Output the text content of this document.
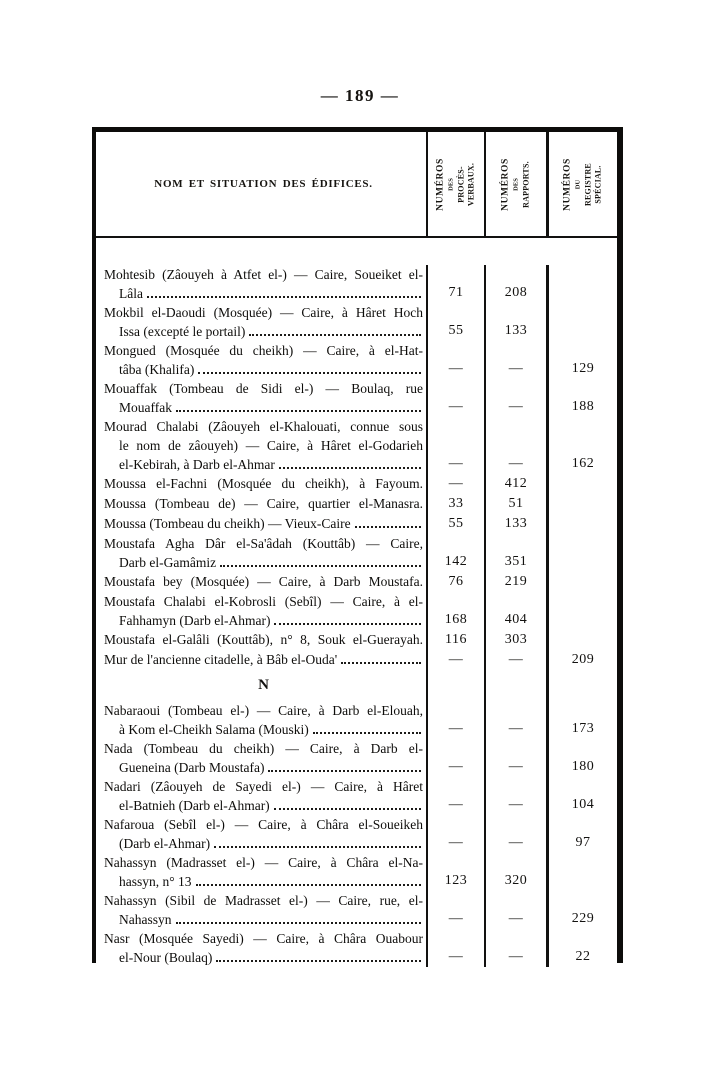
— 189 —
NOM ET SITUATION DES ÉDIFICES.	NUMÉROS DES PROCÈS-VERBAUX.	NUMÉROS DES RAPPORTS.	NUMÉROS DU REGISTRE SPÉCIAL.
Mohtesib (Zâouyeh à Atfet el-) — Caire, Soueiket el-
Lâla	71	208
Mokbil el-Daoudi (Mosquée) — Caire, à Hâret Hoch
Issa (excepté le portail)	55	133
Mongued (Mosquée du cheikh) — Caire, à el-Hat-
tâba (Khalifa)	—	—	129
Mouaffak (Tombeau de Sidi el-) — Boulaq, rue
Mouaffak	—	—	188
Mourad Chalabi (Zâouyeh el-Khalouati, connue sous
le nom de zâouyeh) — Caire, à Hâret el-Godarieh
el-Kebirah, à Darb el-Ahmar	—	—	162
Moussa el-Fachni (Mosquée du cheikh), à Fayoum. —	412
Moussa (Tombeau de) — Caire, quartier el-Manasra. 33	51
Moussa (Tombeau du cheikh) — Vieux-Caire	55	133
Moustafa Agha Dâr el-Sa'âdah (Kouttâb) — Caire,
Darb el-Gamâmiz	142	351
Moustafa bey (Mosquée) — Caire, à Darb Moustafa. 76	219
Moustafa Chalabi el-Kobrosli (Sebîl) — Caire, à el-
Fahhamyn (Darb el-Ahmar)	168	404
Moustafa el-Galâli (Kouttâb), n° 8, Souk el-Guerayah. 116	303
Mur de l'ancienne citadelle, à Bâb el-Ouda'	—	—	209
N
Nabaraoui (Tombeau el-) — Caire, à Darb el-Elouah,
à Kom el-Cheikh Salama (Mouski)	—	—	173
Nada (Tombeau du cheikh) — Caire, à Darb el-
Gueneina (Darb Moustafa)	—	—	180
Nadari (Zâouyeh de Sayedi el-) — Caire, à Hâret
el-Batnieh (Darb el-Ahmar)	—	—	104
Nafaroua (Sebîl el-) — Caire, à Châra el-Soueikeh
(Darb el-Ahmar)	—	—	97
Nahassyn (Madrasset el-) — Caire, à Châra el-Na-
hassyn, n° 13	123	320
Nahassyn (Sibil de Madrasset el-) — Caire, rue, el-
Nahassyn	—	—	229
Nasr (Mosquée Sayedi) — Caire, à Châra Ouabour
el-Nour (Boulaq)	—	—	22
